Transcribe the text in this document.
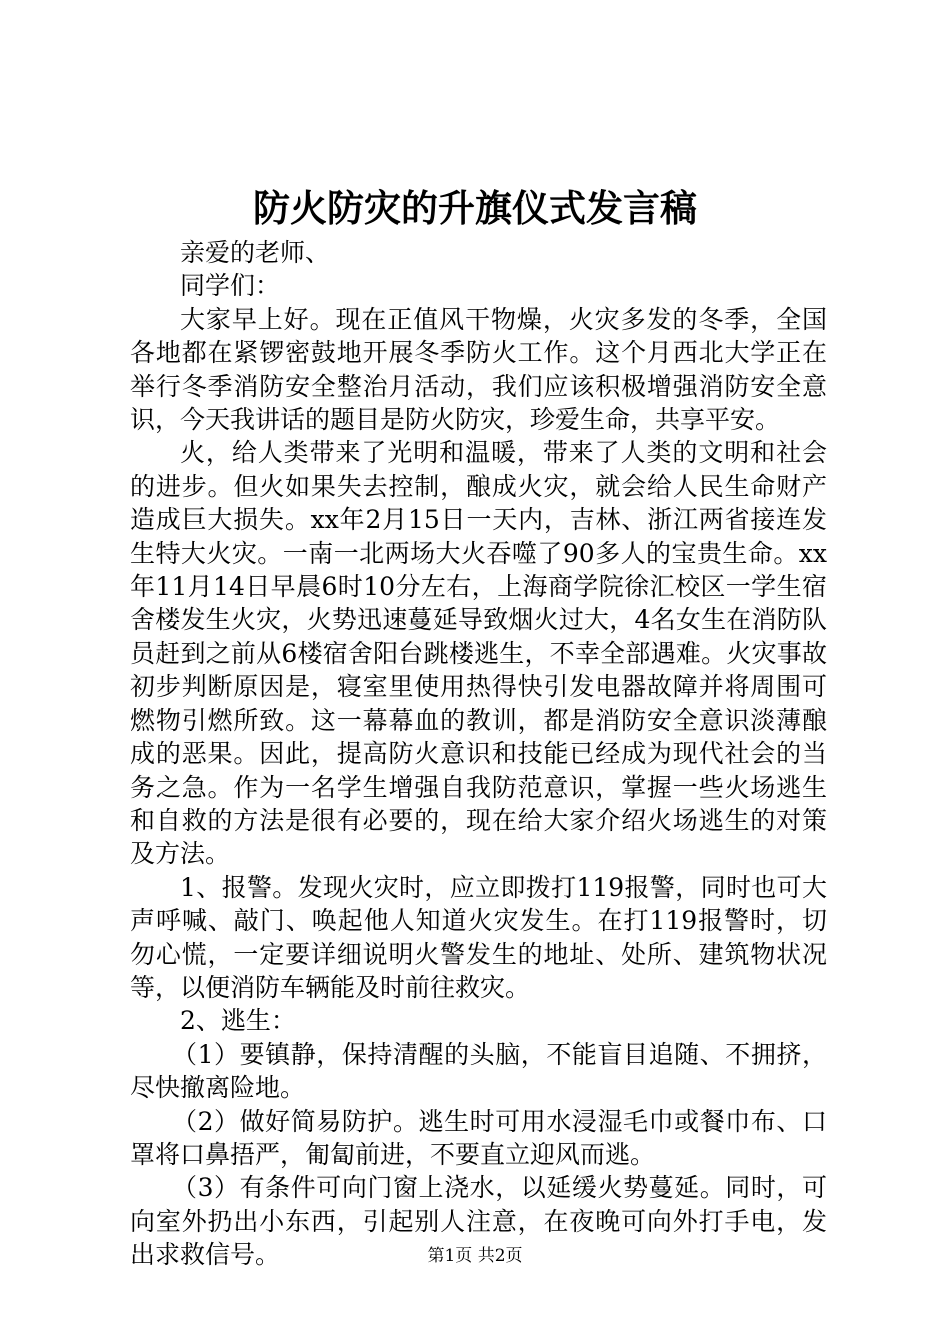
防火防灾的升旗仪式发言稿

亲爱的老师、

同学们：

大家早上好。现在正值风干物燥，火灾多发的冬季，全国各地都在紧锣密鼓地开展冬季防火工作。这个月西北大学正在举行冬季消防安全整治月活动，我们应该积极增强消防安全意识，今天我讲话的题目是防火防灾，珍爱生命，共享平安。

火，给人类带来了光明和温暖，带来了人类的文明和社会的进步。但火如果失去控制，酿成火灾，就会给人民生命财产造成巨大损失。xx年2月15日一天内，吉林、浙江两省接连发生特大火灾。一南一北两场大火吞噬了90多人的宝贵生命。xx年11月14日早晨6时10分左右，上海商学院徐汇校区一学生宿舍楼发生火灾，火势迅速蔓延导致烟火过大，4名女生在消防队员赶到之前从6楼宿舍阳台跳楼逃生，不幸全部遇难。火灾事故初步判断原因是，寝室里使用热得快引发电器故障并将周围可燃物引燃所致。这一幕幕血的教训，都是消防安全意识淡薄酿成的恶果。因此，提高防火意识和技能已经成为现代社会的当务之急。作为一名学生增强自我防范意识，掌握一些火场逃生和自救的方法是很有必要的，现在给大家介绍火场逃生的对策及方法。

1、报警。发现火灾时，应立即拨打119报警，同时也可大声呼喊、敲门、唤起他人知道火灾发生。在打119报警时，切勿心慌，一定要详细说明火警发生的地址、处所、建筑物状况等，以便消防车辆能及时前往救灾。

2、逃生：

（1）要镇静，保持清醒的头脑，不能盲目追随、不拥挤，尽快撤离险地。

（2）做好简易防护。逃生时可用水浸湿毛巾或餐巾布、口罩将口鼻捂严，匍匐前进，不要直立迎风而逃。

（3）有条件可向门窗上浇水，以延缓火势蔓延。同时，可向室外扔出小东西，引起别人注意，在夜晚可向外打手电，发出求救信号。	第1页 共2页
